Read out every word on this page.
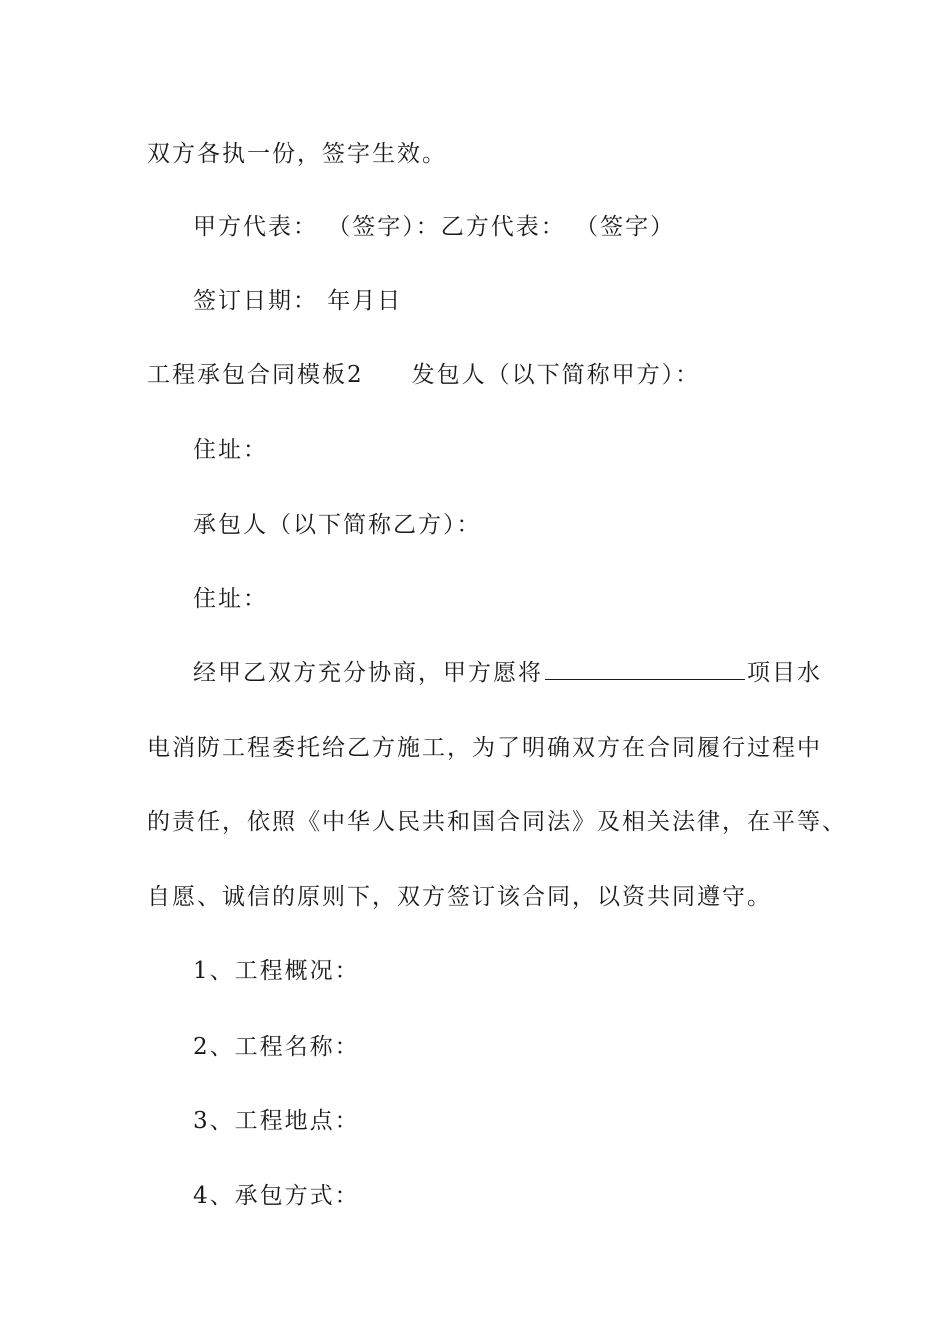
双方各执一份，签字生效。
甲方代表： （签字）：乙方代表： （签字）
签订日期： 年月日
工程承包合同模板2 发包人（以下简称甲方）：
住址：
承包人（以下简称乙方）：
住址：
经甲乙双方充分协商，甲方愿将	项目水
电消防工程委托给乙方施工，为了明确双方在合同履行过程中
的责任，依照《中华人民共和国合同法》及相关法律，在平等、
自愿、诚信的原则下，双方签订该合同，以资共同遵守。
1、工程概况：
2、工程名称：
3、工程地点：
4、承包方式：
